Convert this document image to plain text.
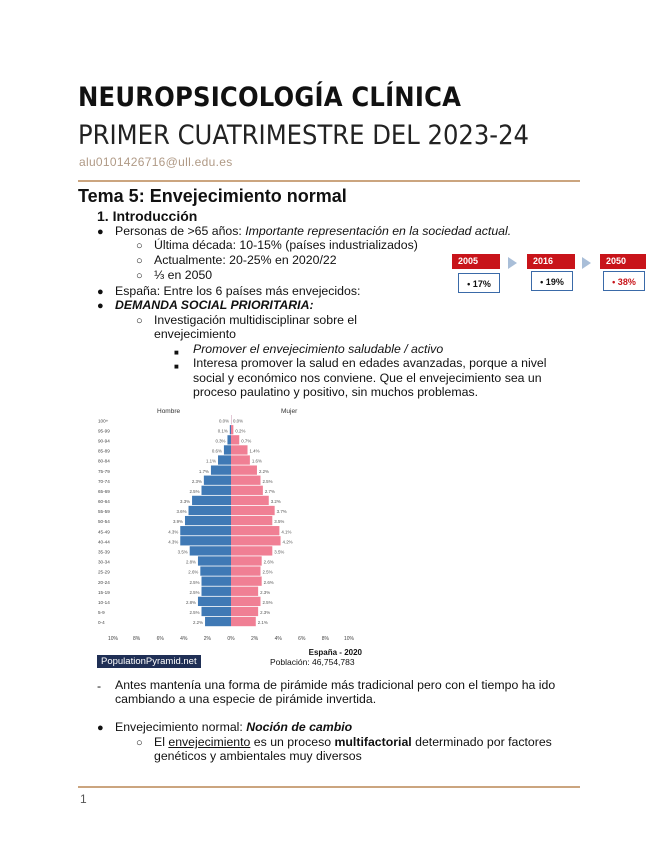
NEUROPSICOLOGÍA CLÍNICA
PRIMER CUATRIMESTRE DEL 2023-24
alu0101426716@ull.edu.es
Tema 5: Envejecimiento normal
1. Introducción
● Personas de >65 años: Importante representación en la sociedad actual.
○ Última década: 10-15% (países industrializados)
○ Actualmente: 20-25% en 2020/22
○ ⅓ en 2050
● España: Entre los 6 países más envejecidos:
● DEMANDA SOCIAL PRIORITARIA:
○ Investigación multidisciplinar sobre el
envejecimiento
■ Promover el envejecimiento saludable / activo
■ Interesa promover la salud en edades avanzadas, porque a nivel
social y económico nos conviene. Que el envejecimiento sea un
proceso paulatino y positivo, sin muchos problemas.
2005
• 17%
2016
• 19%
2050
• 38%
Hombre	Mujer
100+	0.0% 0.0%
95-99	0.1% 0.2%
90-94	0.3%	0.7%
85-89	0.6%	1.4%
80-84	1.1%	1.6%
75-79	1.7%	2.2%
70-74	2.3%	2.5%
65-69	2.5%	2.7%
60-64	3.3%	3.2%
55-59	3.6%	3.7%
50-54	3.9%	3.5%
45-49	4.3%	4.1%
40-44	4.3%	4.2%
35-39	3.5%	3.5%
30-34	2.8%	2.6%
25-29	2.6%	2.5%
20-24	2.5%	2.6%
15-19	2.5%	2.3%
10-14	2.8%	2.5%
5-9	2.5%	2.3%
0-4	2.2%	2.1%
10%	8%	6%	4%	2%	0%	2%	4%	6%	8%	10%
PopulationPyramid.net
España - 2020
Población: 46,754,783
- Antes mantenía una forma de pirámide más tradicional pero con el tiempo ha ido
cambiando a una especie de pirámide invertida.
● Envejecimiento normal: Noción de cambio
○ El envejecimiento es un proceso multifactorial determinado por factores
genéticos y ambientales muy diversos
1
